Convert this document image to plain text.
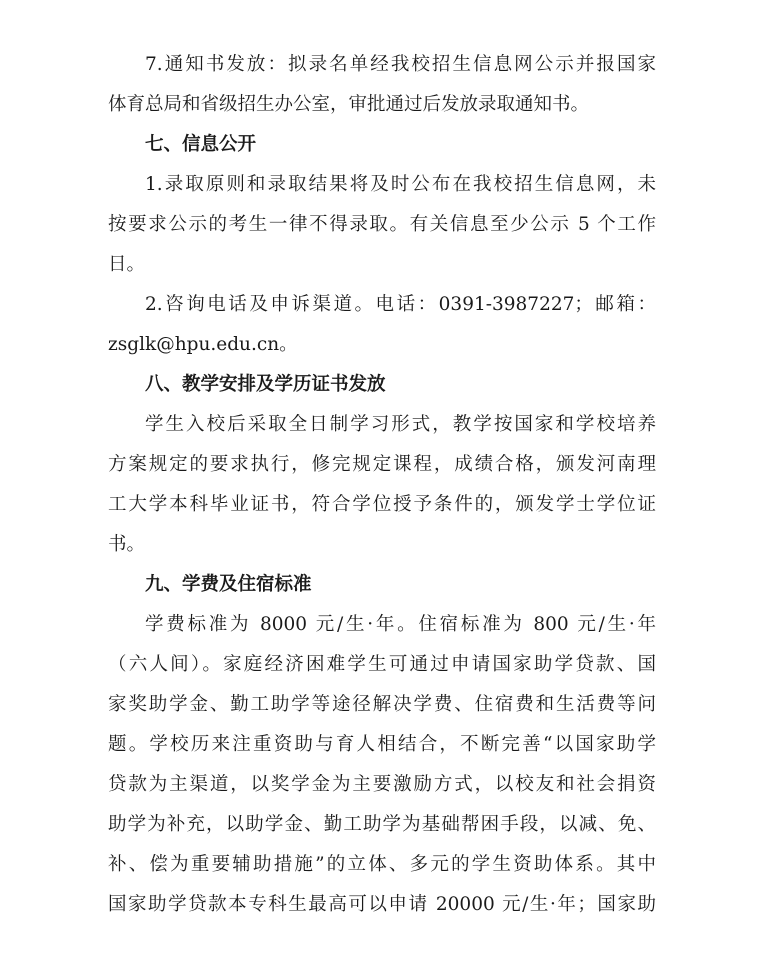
7.通知书发放：拟录名单经我校招生信息网公示并报国家
体育总局和省级招生办公室，审批通过后发放录取通知书。
七、信息公开
1.录取原则和录取结果将及时公布在我校招生信息网，未
按要求公示的考生一律不得录取。有关信息至少公示 5 个工作
日。
2.咨询电话及申诉渠道。电话：0391-3987227；邮箱：
zsglk@hpu.edu.cn。
八、教学安排及学历证书发放
学生入校后采取全日制学习形式，教学按国家和学校培养
方案规定的要求执行，修完规定课程，成绩合格，颁发河南理
工大学本科毕业证书，符合学位授予条件的，颁发学士学位证
书。
九、学费及住宿标准
学费标准为 8000 元/生·年。住宿标准为 800 元/生·年
（六人间）。家庭经济困难学生可通过申请国家助学贷款、国
家奖助学金、勤工助学等途径解决学费、住宿费和生活费等问
题。学校历来注重资助与育人相结合，不断完善“以国家助学
贷款为主渠道，以奖学金为主要激励方式，以校友和社会捐资
助学为补充，以助学金、勤工助学为基础帮困手段，以减、免、
补、偿为重要辅助措施”的立体、多元的学生资助体系。其中
国家助学贷款本专科生最高可以申请 20000 元/生·年；国家助
